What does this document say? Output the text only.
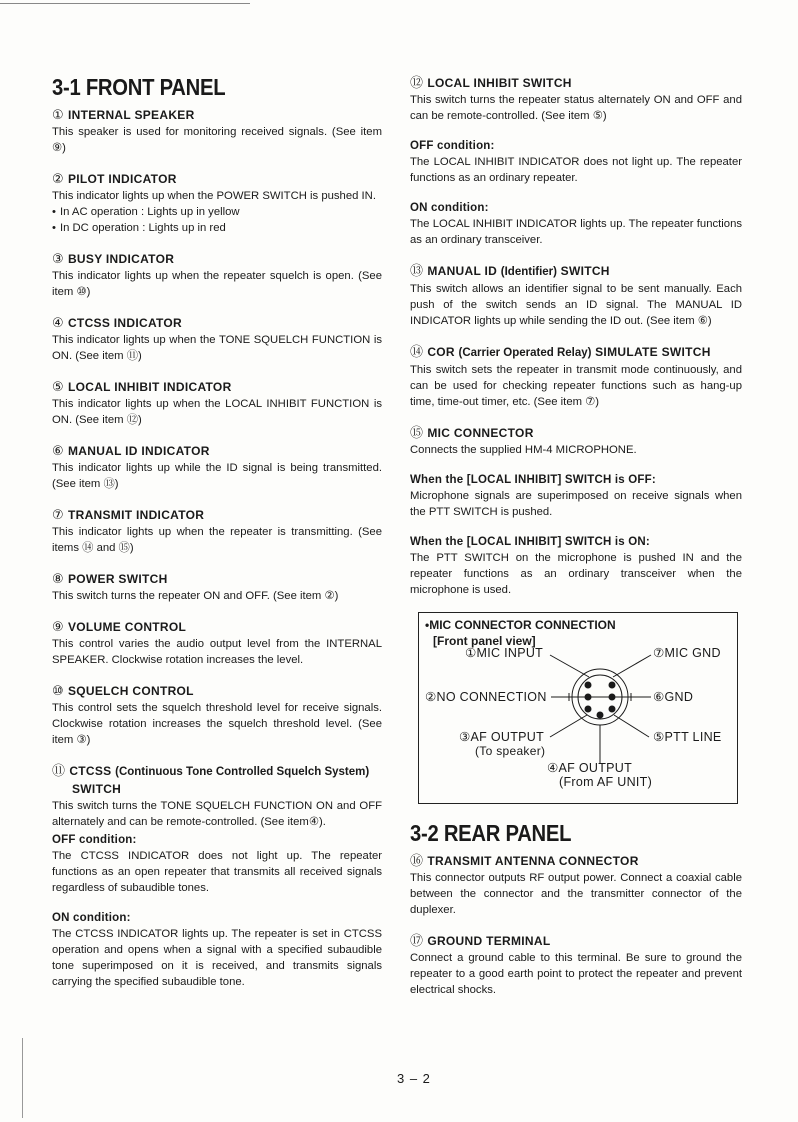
3-1 FRONT PANEL

① INTERNAL SPEAKER

This speaker is used for monitoring received signals. (See item ⑨)

② PILOT INDICATOR

This indicator lights up when the POWER SWITCH is pushed IN.

• In AC operation : Lights up in yellow
• In DC operation : Lights up in red

③ BUSY INDICATOR

This indicator lights up when the repeater squelch is open. (See item ⑩)

④ CTCSS INDICATOR

This indicator lights up when the TONE SQUELCH FUNCTION is ON. (See item ⑪)

⑤ LOCAL INHIBIT INDICATOR

This indicator lights up when the LOCAL INHIBIT FUNCTION is ON. (See item ⑫)

⑥ MANUAL ID INDICATOR

This indicator lights up while the ID signal is being transmitted. (See item ⑬)

⑦ TRANSMIT INDICATOR

This indicator lights up when the repeater is transmitting. (See items ⑭ and ⑮)

⑧ POWER SWITCH

This switch turns the repeater ON and OFF. (See item ②)

⑨ VOLUME CONTROL

This control varies the audio output level from the INTERNAL SPEAKER. Clockwise rotation increases the level.

⑩ SQUELCH CONTROL

This control sets the squelch threshold level for receive signals. Clockwise rotation increases the squelch threshold level. (See item ③)

⑪ CTCSS (Continuous Tone Controlled Squelch System)

SWITCH

This switch turns the TONE SQUELCH FUNCTION ON and OFF alternately and can be remote-controlled. (See item④).

OFF condition:

The CTCSS INDICATOR does not light up. The repeater functions as an open repeater that transmits all received signals regardless of subaudible tones.

ON condition:

The CTCSS INDICATOR lights up. The repeater is set in CTCSS operation and opens when a signal with a specified subaudible tone superimposed on it is received, and transmits signals carrying the specified subaudible tone.

⑫ LOCAL INHIBIT SWITCH

This switch turns the repeater status alternately ON and OFF and can be remote-controlled. (See item ⑤)

OFF condition:

The LOCAL INHIBIT INDICATOR does not light up. The repeater functions as an ordinary repeater.

ON condition:

The LOCAL INHIBIT INDICATOR lights up. The repeater functions as an ordinary transceiver.

⑬ MANUAL ID (Identifier) SWITCH

This switch allows an identifier signal to be sent manually. Each push of the switch sends an ID signal. The MANUAL ID INDICATOR lights up while sending the ID out. (See item ⑥)

⑭ COR (Carrier Operated Relay) SIMULATE SWITCH

This switch sets the repeater in transmit mode continuously, and can be used for checking repeater functions such as hang-up time, time-out timer, etc. (See item ⑦)

⑮ MIC CONNECTOR

Connects the supplied HM-4 MICROPHONE.

When the [LOCAL INHIBIT] SWITCH is OFF:

Microphone signals are superimposed on receive signals when the PTT SWITCH is pushed.

When the [LOCAL INHIBIT] SWITCH is ON:

The PTT SWITCH on the microphone is pushed IN and the repeater functions as an ordinary transceiver when the microphone is used.

•MIC CONNECTOR CONNECTION
[Front panel view]
①MIC INPUT
②NO CONNECTION
③AF OUTPUT
(To speaker)
④AF OUTPUT
(From AF UNIT)
⑤PTT LINE
⑥GND
⑦MIC GND
3-2 REAR PANEL

⑯ TRANSMIT ANTENNA CONNECTOR

This connector outputs RF output power. Connect a coaxial cable between the connector and the transmitter connector of the duplexer.

⑰ GROUND TERMINAL

Connect a ground cable to this terminal. Be sure to ground the repeater to a good earth point to protect the repeater and prevent electrical shocks.

3 – 2
